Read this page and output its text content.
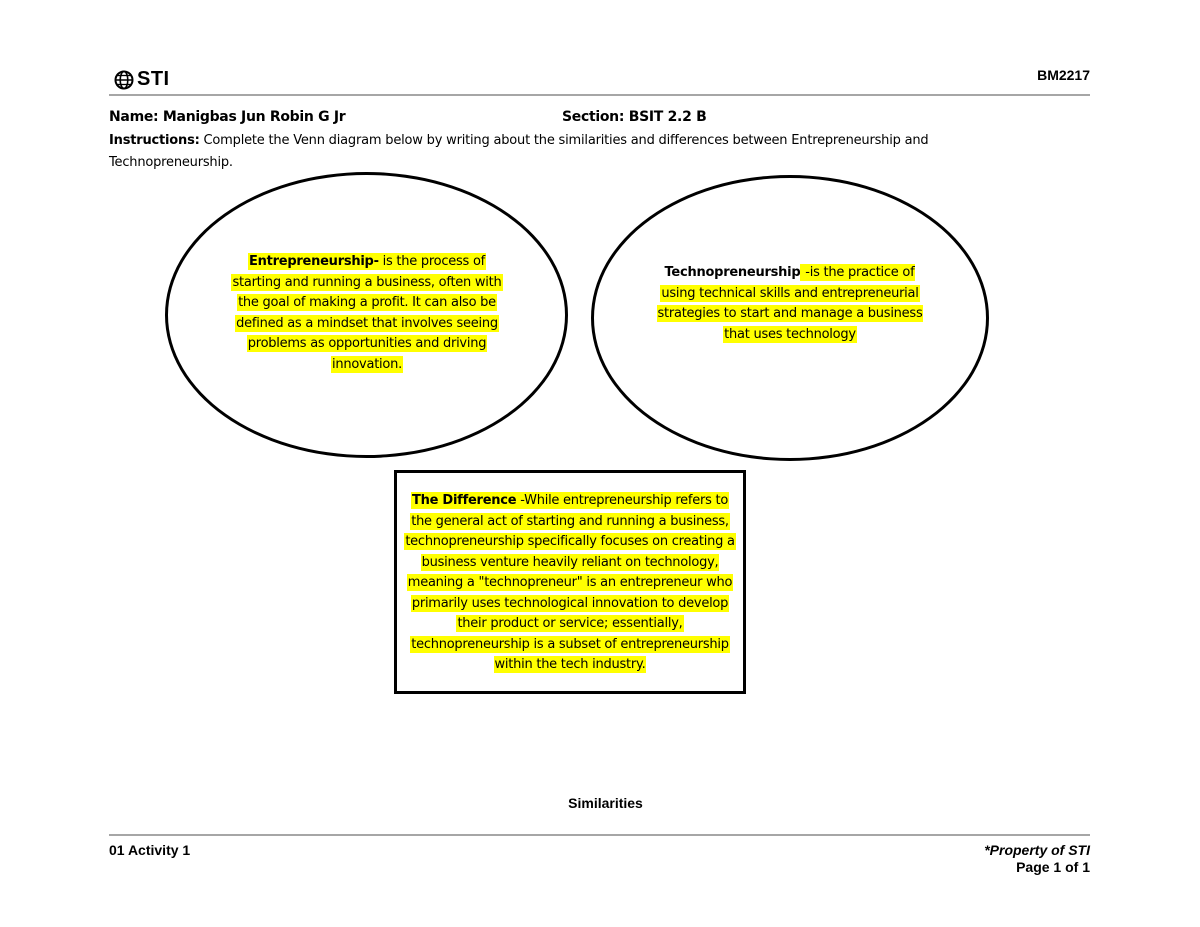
STI	BM2217
Name: Manigbas Jun Robin G Jr	Section: BSIT 2.2 B
Instructions: Complete the Venn diagram below by writing about the similarities and differences between Entrepreneurship and Technopreneurship.
Entrepreneurship- is the process of starting and running a business, often with the goal of making a profit. It can also be defined as a mindset that involves seeing problems as opportunities and driving innovation.
Technopreneurship -is the practice of using technical skills and entrepreneurial strategies to start and manage a business that uses technology
The Difference -While entrepreneurship refers to the general act of starting and running a business, technopreneurship specifically focuses on creating a business venture heavily reliant on technology, meaning a "technopreneur" is an entrepreneur who primarily uses technological innovation to develop their product or service; essentially, technopreneurship is a subset of entrepreneurship within the tech industry.
Similarities
01 Activity 1	*Property of STI
Page 1 of 1
